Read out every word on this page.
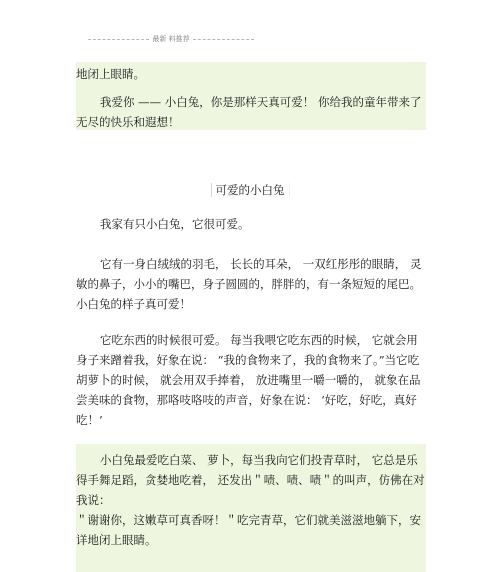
最新 料推荐

地闭上眼睛。

我爱你 —— 小白兔，你是那样天真可爱！ 你给我的童年带来了无尽的快乐和遐想！

可爱的小白兔

我家有只小白兔，它很可爱。

它有一身白绒绒的羽毛， 长长的耳朵， 一双红彤彤的眼睛， 灵敏的鼻子，小小的嘴巴，身子圆圆的，胖胖的，有一条短短的尾巴。小白兔的样子真可爱！

它吃东西的时候很可爱。 每当我喂它吃东西的时候， 它就会用身子来蹭着我，好象在说： “我的食物来了，我的食物来了。”当它吃胡萝卜的时候， 就会用双手捧着， 放进嘴里一嚼一嚼的， 就象在品尝美味的食物，那咯吱咯吱的声音，好象在说： ‘好吃，好吃，真好吃！’

小白兔最爱吃白菜、 萝卜，每当我向它们投青草时， 它总是乐得手舞足蹈，贪婪地吃着， 还发出＂啧、啧、啧＂的叫声，仿佛在对我说：

＂谢谢你，这嫩草可真香呀！＂吃完青草，它们就美滋滋地躺下，安详地闭上眼睛。
